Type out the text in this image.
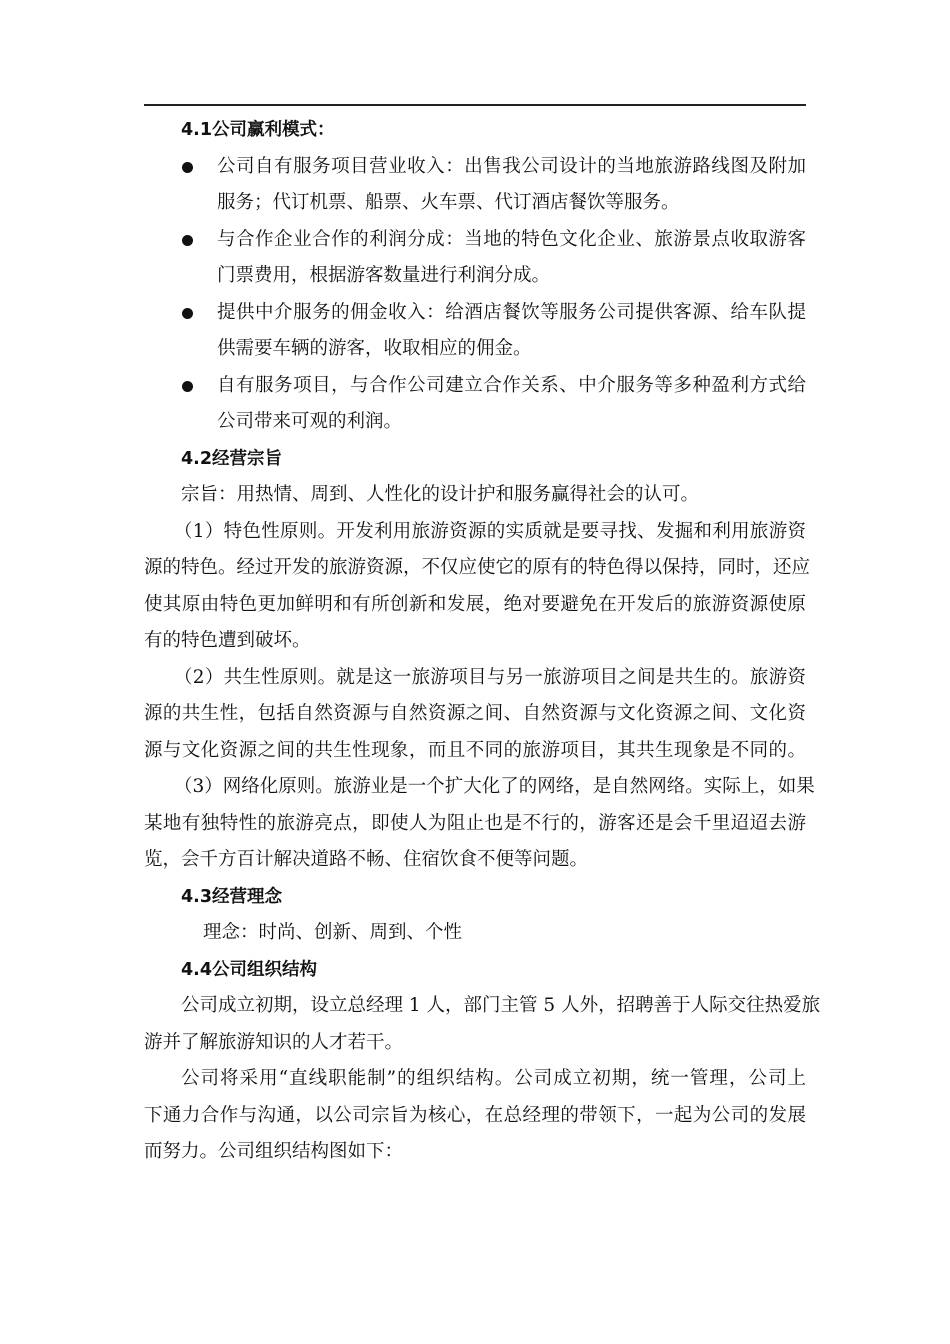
4.1公司赢利模式：
公司自有服务项目营业收入：出售我公司设计的当地旅游路线图及附加
服务；代订机票、船票、火车票、代订酒店餐饮等服务。
与合作企业合作的利润分成：当地的特色文化企业、旅游景点收取游客
门票费用，根据游客数量进行利润分成。
提供中介服务的佣金收入：给酒店餐饮等服务公司提供客源、给车队提
供需要车辆的游客，收取相应的佣金。
自有服务项目，与合作公司建立合作关系、中介服务等多种盈利方式给
公司带来可观的利润。
4.2经营宗旨
宗旨：用热情、周到、人性化的设计护和服务赢得社会的认可。
（1）特色性原则。开发利用旅游资源的实质就是要寻找、发掘和利用旅游资
源的特色。经过开发的旅游资源，不仅应使它的原有的特色得以保持，同时，还应
使其原由特色更加鲜明和有所创新和发展，绝对要避免在开发后的旅游资源使原
有的特色遭到破坏。
（2）共生性原则。就是这一旅游项目与另一旅游项目之间是共生的。旅游资
源的共生性，包括自然资源与自然资源之间、自然资源与文化资源之间、文化资
源与文化资源之间的共生性现象，而且不同的旅游项目，其共生现象是不同的。
（3）网络化原则。旅游业是一个扩大化了的网络，是自然网络。实际上，如果
某地有独特性的旅游亮点，即使人为阻止也是不行的，游客还是会千里迢迢去游
览，会千方百计解决道路不畅、住宿饮食不便等问题。
4.3经营理念
理念：时尚、创新、周到、个性
4.4公司组织结构
公司成立初期，设立总经理 1 人，部门主管 5 人外，招聘善于人际交往热爱旅
游并了解旅游知识的人才若干。
公司将采用“直线职能制”的组织结构。公司成立初期，统一管理，公司上
下通力合作与沟通，以公司宗旨为核心，在总经理的带领下，一起为公司的发展
而努力。公司组织结构图如下：
